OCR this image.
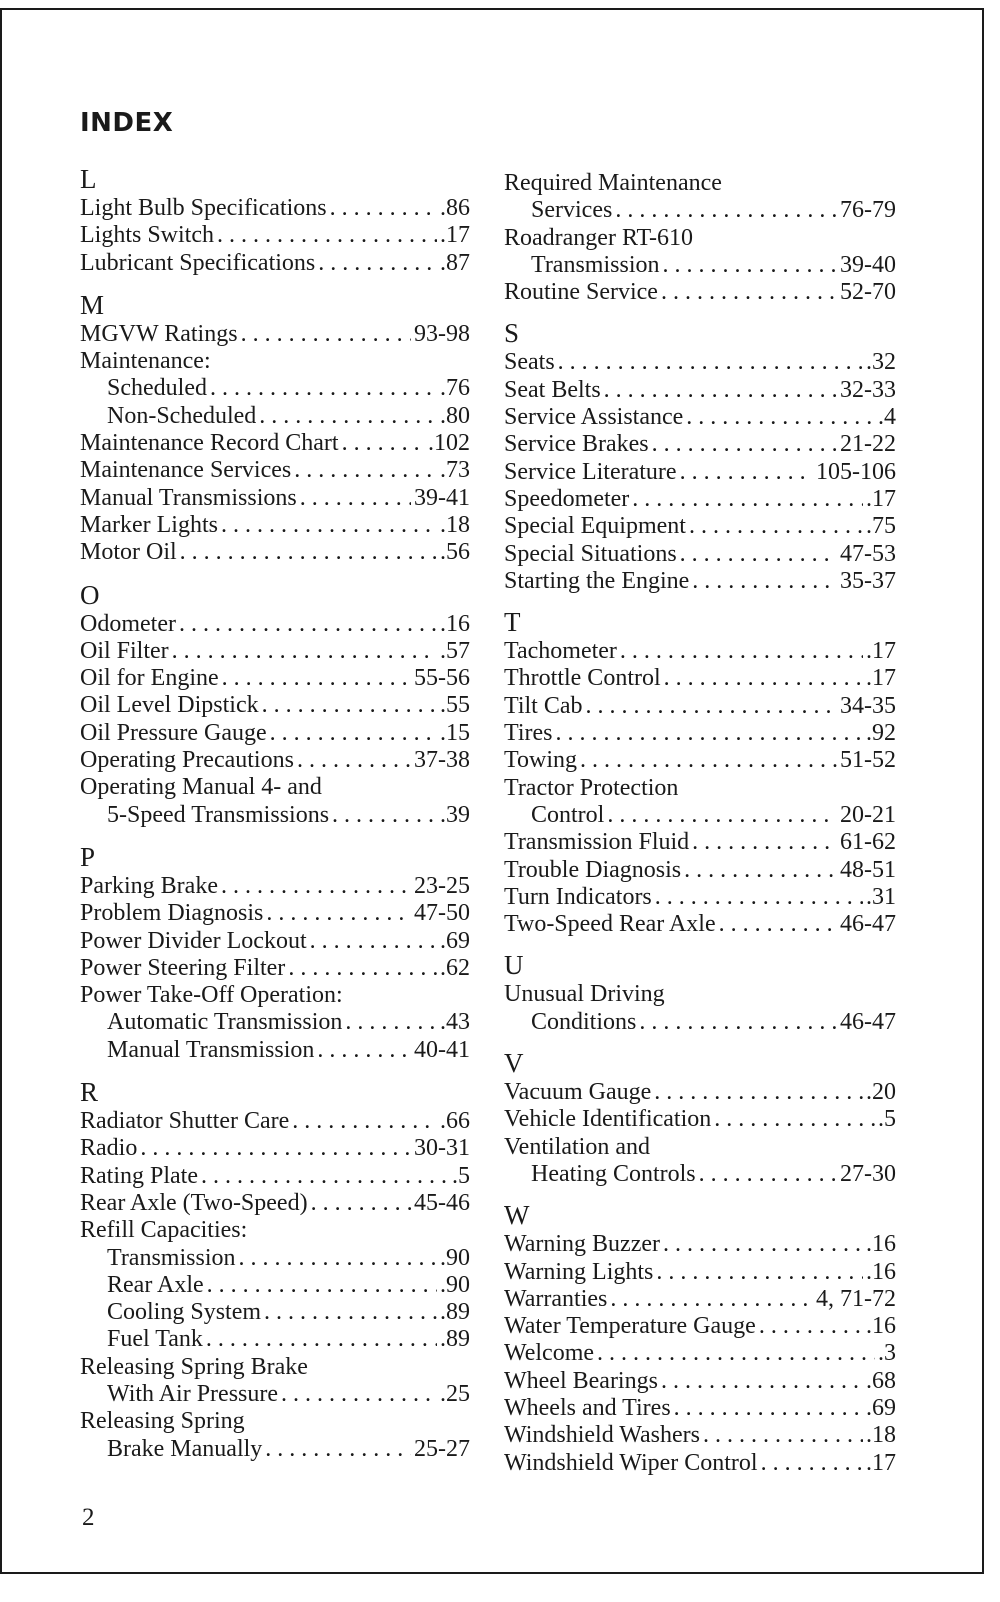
INDEX
L
Light Bulb Specifications . . .	.86
Lights Switch . . .	.17
Lubricant Specifications . . .	.87
M
MGVW Ratings . . .	93-98
Maintenance:
Scheduled . . .	.76
Non-Scheduled . . .	.80
Maintenance Record Chart . . .	.102
Maintenance Services . . .	.73
Manual Transmissions . . .	39-41
Marker Lights . . .	.18
Motor Oil . . .	.56
O
Odometer . . .	.16
Oil Filter . . .	.57
Oil for Engine . . .	55-56
Oil Level Dipstick . . .	.55
Oil Pressure Gauge . . .	.15
Operating Precautions . . .	37-38
Operating Manual 4- and
5-Speed Transmissions . . .	.39
P
Parking Brake . . .	23-25
Problem Diagnosis . . .	47-50
Power Divider Lockout . . .	.69
Power Steering Filter . . .	.62
Power Take-Off Operation:
Automatic Transmission . . .	.43
Manual Transmission . . .	40-41
R
Radiator Shutter Care . . .	.66
Radio . . .	30-31
Rating Plate . . .	.5
Rear Axle (Two-Speed) . . .	45-46
Refill Capacities:
Transmission . . .	.90
Rear Axle . . .	.90
Cooling System . . .	.89
Fuel Tank . . .	.89
Releasing Spring Brake
With Air Pressure . . .	.25
Releasing Spring
Brake Manually . . .	25-27
Required Maintenance
Services . . .	76-79
Roadranger RT-610
Transmission . . .	39-40
Routine Service . . .	52-70
S
Seats . . .	.32
Seat Belts . . .	32-33
Service Assistance . . .	.4
Service Brakes . . .	21-22
Service Literature . . .	105-106
Speedometer . . .	.17
Special Equipment . . .	.75
Special Situations . . .	47-53
Starting the Engine . . .	35-37
T
Tachometer . . .	.17
Throttle Control . . .	.17
Tilt Cab . . .	34-35
Tires . . .	.92
Towing . . .	51-52
Tractor Protection
Control . . .	20-21
Transmission Fluid . . .	61-62
Trouble Diagnosis . . .	48-51
Turn Indicators . . .	.31
Two-Speed Rear Axle . . .	46-47
U
Unusual Driving
Conditions . . .	46-47
V
Vacuum Gauge . . .	.20
Vehicle Identification . . .	.5
Ventilation and
Heating Controls . . .	27-30
W
Warning Buzzer . . .	.16
Warning Lights . . .	.16
Warranties . . .	4, 71-72
Water Temperature Gauge . . .	.16
Welcome . . .	.3
Wheel Bearings . . .	.68
Wheels and Tires . . .	.69
Windshield Washers . . .	.18
Windshield Wiper Control . . .	.17
2
